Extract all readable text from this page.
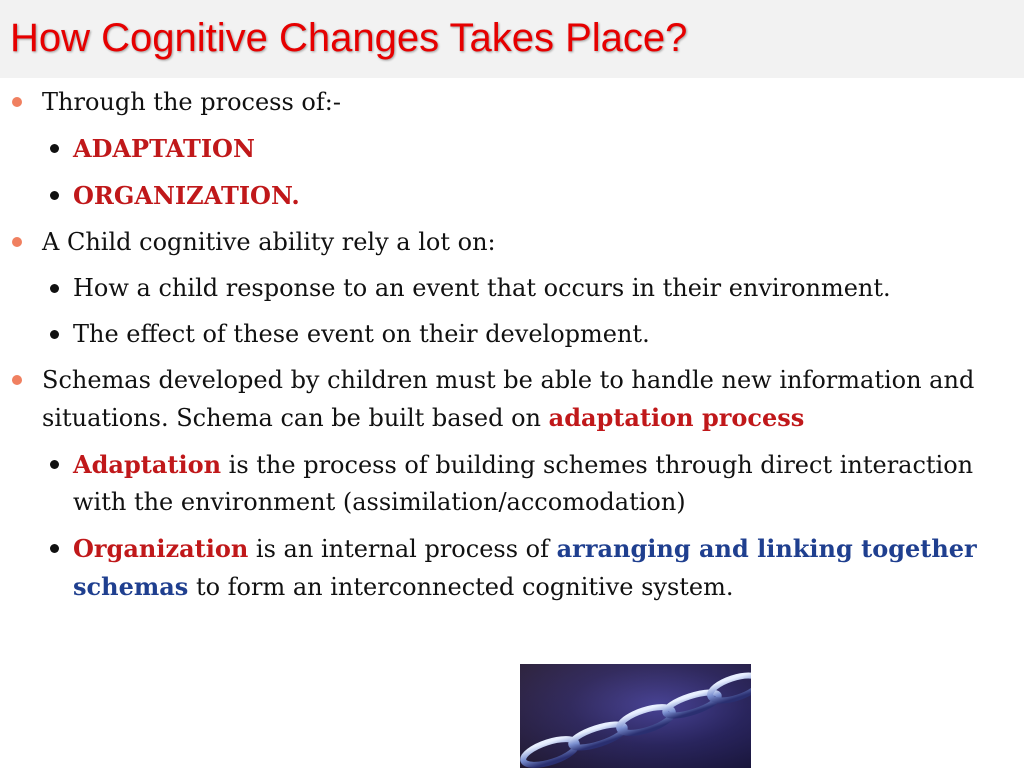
How Cognitive Changes Takes Place?
Through the process of:-
ADAPTATION
ORGANIZATION.
A Child cognitive ability rely a lot on:
How a child response to an event that occurs in their environment.
The effect of these event on their development.
Schemas developed by children must be able to handle new information and situations. Schema can be built based on adaptation process
Adaptation is the process of building schemes through direct interaction with the environment (assimilation/accomodation)
Organization is an internal process of arranging and linking together schemas to form an interconnected cognitive system.
